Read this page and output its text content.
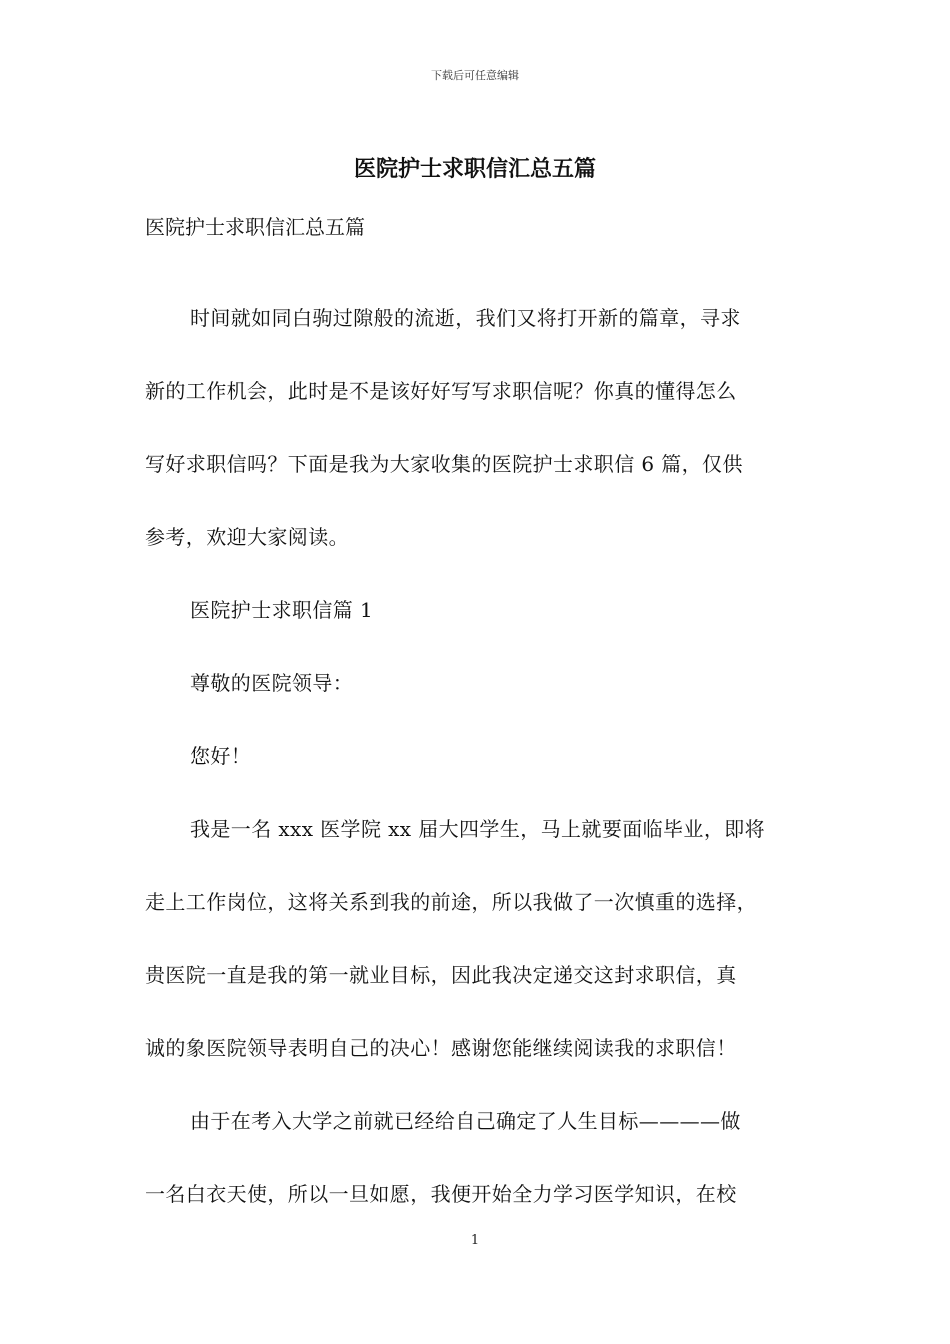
下载后可任意编辑
医院护士求职信汇总五篇

医院护士求职信汇总五篇

时间就如同白驹过隙般的流逝，我们又将打开新的篇章，寻求

新的工作机会，此时是不是该好好写写求职信呢？你真的懂得怎么

写好求职信吗？下面是我为大家收集的医院护士求职信 6 篇，仅供

参考，欢迎大家阅读。

医院护士求职信篇 1

尊敬的医院领导：

您好！

我是一名 xxx 医学院 xx 届大四学生，马上就要面临毕业，即将

走上工作岗位，这将关系到我的前途，所以我做了一次慎重的选择，

贵医院一直是我的第一就业目标，因此我决定递交这封求职信，真

诚的象医院领导表明自己的决心！感谢您能继续阅读我的求职信！

由于在考入大学之前就已经给自己确定了人生目标————做

一名白衣天使，所以一旦如愿，我便开始全力学习医学知识，在校

1
